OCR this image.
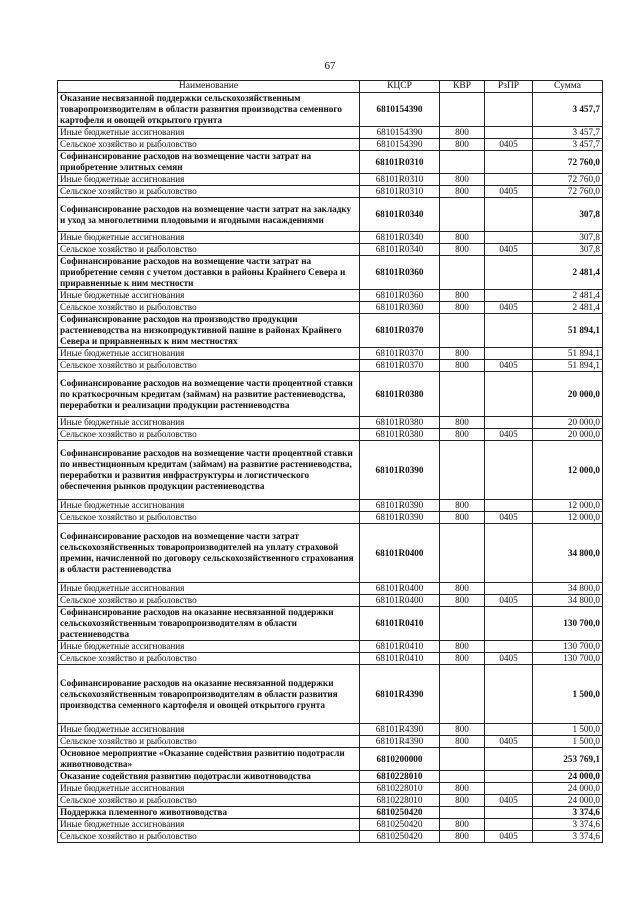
67
Наименование	КЦСР	КВР	РзПР	Сумма
Оказание несвязанной поддержки сельскохозяйственным товаропроизводителям в области развития производства семенного картофеля и овощей открытого грунта	6810154390			3 457,7
Иные бюджетные ассигнования	6810154390	800		3 457,7
Сельское хозяйство и рыболовство	6810154390	800	0405	3 457,7
Софинансирование расходов на возмещение части затрат на приобретение элитных семян	68101R0310			72 760,0
Иные бюджетные ассигнования	68101R0310	800		72 760,0
Сельское хозяйство и рыболовство	68101R0310	800	0405	72 760,0
Софинансирование расходов на возмещение части затрат на закладку и уход за многолетними плодовыми и ягодными насаждениями	68101R0340			307,8
Иные бюджетные ассигнования	68101R0340	800		307,8
Сельское хозяйство и рыболовство	68101R0340	800	0405	307,8
Софинансирование расходов на возмещение части затрат на приобретение семян с учетом доставки в районы Крайнего Севера и приравненные к ним местности	68101R0360			2 481,4
Иные бюджетные ассигнования	68101R0360	800		2 481,4
Сельское хозяйство и рыболовство	68101R0360	800	0405	2 481,4
Софинансирование расходов на производство продукции растениеводства на низкопродуктивной пашне в районах Крайнего Севера и приравненных к ним местностях	68101R0370			51 894,1
Иные бюджетные ассигнования	68101R0370	800		51 894,1
Сельское хозяйство и рыболовство	68101R0370	800	0405	51 894,1
Софинансирование расходов на возмещение части процентной ставки по краткосрочным кредитам (займам) на развитие растениеводства, переработки и реализации продукции растениеводства	68101R0380			20 000,0
Иные бюджетные ассигнования	68101R0380	800		20 000,0
Сельское хозяйство и рыболовство	68101R0380	800	0405	20 000,0
Софинансирование расходов на возмещение части процентной ставки по инвестиционным кредитам (займам) на развитие растениеводства, переработки и развития инфраструктуры и логистического обеспечения рынков продукции растениеводства	68101R0390			12 000,0
Иные бюджетные ассигнования	68101R0390	800		12 000,0
Сельское хозяйство и рыболовство	68101R0390	800	0405	12 000,0
Софинансирование расходов на возмещение части затрат сельскохозяйственных товаропроизводителей на уплату страховой премии, начисленной по договору сельскохозяйственного страхования в области растениеводства	68101R0400			34 800,0
Иные бюджетные ассигнования	68101R0400	800		34 800,0
Сельское хозяйство и рыболовство	68101R0400	800	0405	34 800,0
Софинансирование расходов на оказание несвязанной поддержки сельскохозяйственным товаропроизводителям в области растениеводства	68101R0410			130 700,0
Иные бюджетные ассигнования	68101R0410	800		130 700,0
Сельское хозяйство и рыболовство	68101R0410	800	0405	130 700,0
Софинансирование расходов на оказание несвязанной поддержки сельскохозяйственным товаропроизводителям в области развития производства семенного картофеля и овощей открытого грунта	68101R4390			1 500,0
Иные бюджетные ассигнования	68101R4390	800		1 500,0
Сельское хозяйство и рыболовство	68101R4390	800	0405	1 500,0
Основное мероприятие «Оказание содействия развитию подотрасли животноводства»	6810200000			253 769,1
Оказание содействия развитию подотрасли животноводства	6810228010			24 000,0
Иные бюджетные ассигнования	6810228010	800		24 000,0
Сельское хозяйство и рыболовство	6810228010	800	0405	24 000,0
Поддержка племенного животноводства	6810250420			3 374,6
Иные бюджетные ассигнования	6810250420	800		3 374,6
Сельское хозяйство и рыболовство	6810250420	800	0405	3 374,6
